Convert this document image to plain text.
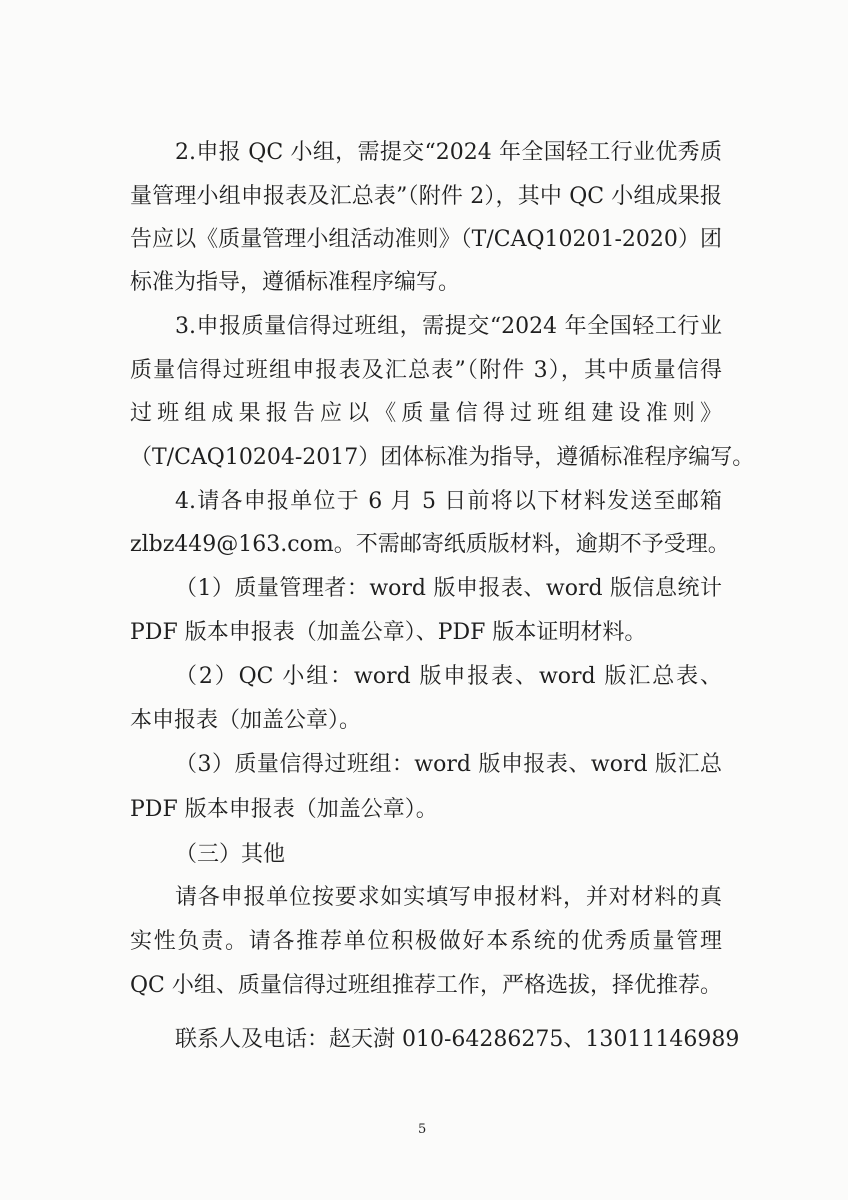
2.申报 QC 小组，需提交“2024 年全国轻工行业优秀质
量管理小组申报表及汇总表”（附件 2），其中 QC 小组成果报
告应以《质量管理小组活动准则》（T/CAQ10201-2020）团
标准为指导，遵循标准程序编写。
3.申报质量信得过班组，需提交“2024 年全国轻工行业
质量信得过班组申报表及汇总表”（附件 3），其中质量信得
过班组成果报告应以《质量信得过班组建设准则》
（T/CAQ10204-2017）团体标准为指导，遵循标准程序编写。
4.请各申报单位于 6 月 5 日前将以下材料发送至邮箱
zlbz449@163.com。不需邮寄纸质版材料，逾期不予受理。
（1）质量管理者：word 版申报表、word 版信息统计
PDF 版本申报表（加盖公章）、PDF 版本证明材料。
（2）QC 小组：word 版申报表、word 版汇总表、
本申报表（加盖公章）。
（3）质量信得过班组：word 版申报表、word 版汇总
PDF 版本申报表（加盖公章）。
（三）其他
请各申报单位按要求如实填写申报材料，并对材料的真
实性负责。请各推荐单位积极做好本系统的优秀质量管理
QC 小组、质量信得过班组推荐工作，严格选拔，择优推荐。
联系人及电话：赵天澍 010-64286275、13011146989
5
